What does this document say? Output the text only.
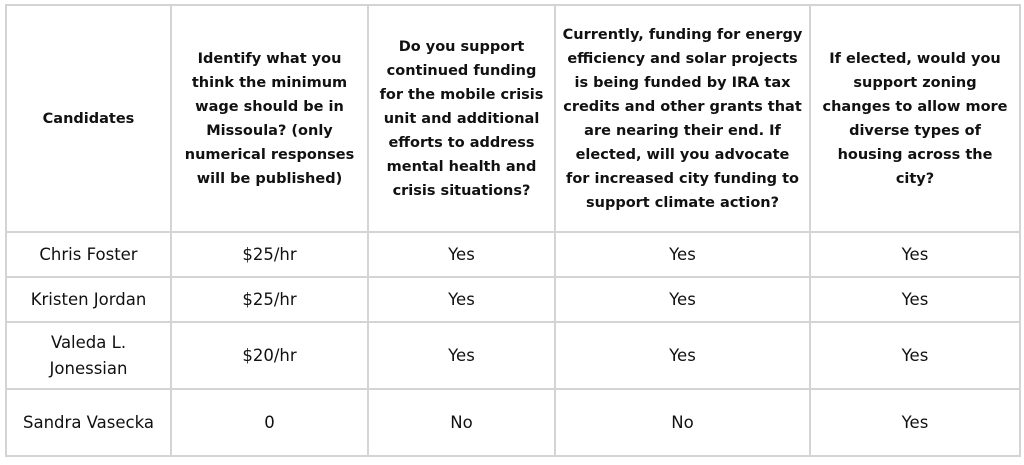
Candidates	Identify what you think the minimum wage should be in Missoula? (only numerical responses will be published)	Do you support continued funding for the mobile crisis unit and additional efforts to address mental health and crisis situations?	Currently, funding for energy efficiency and solar projects is being funded by IRA tax credits and other grants that are nearing their end. If elected, will you advocate for increased city funding to support climate action?	If elected, would you support zoning changes to allow more diverse types of housing across the city?
Chris Foster	$25/hr	Yes	Yes	Yes
Kristen Jordan	$25/hr	Yes	Yes	Yes
Valeda L. Jonessian	$20/hr	Yes	Yes	Yes
Sandra Vasecka	0	No	No	Yes
